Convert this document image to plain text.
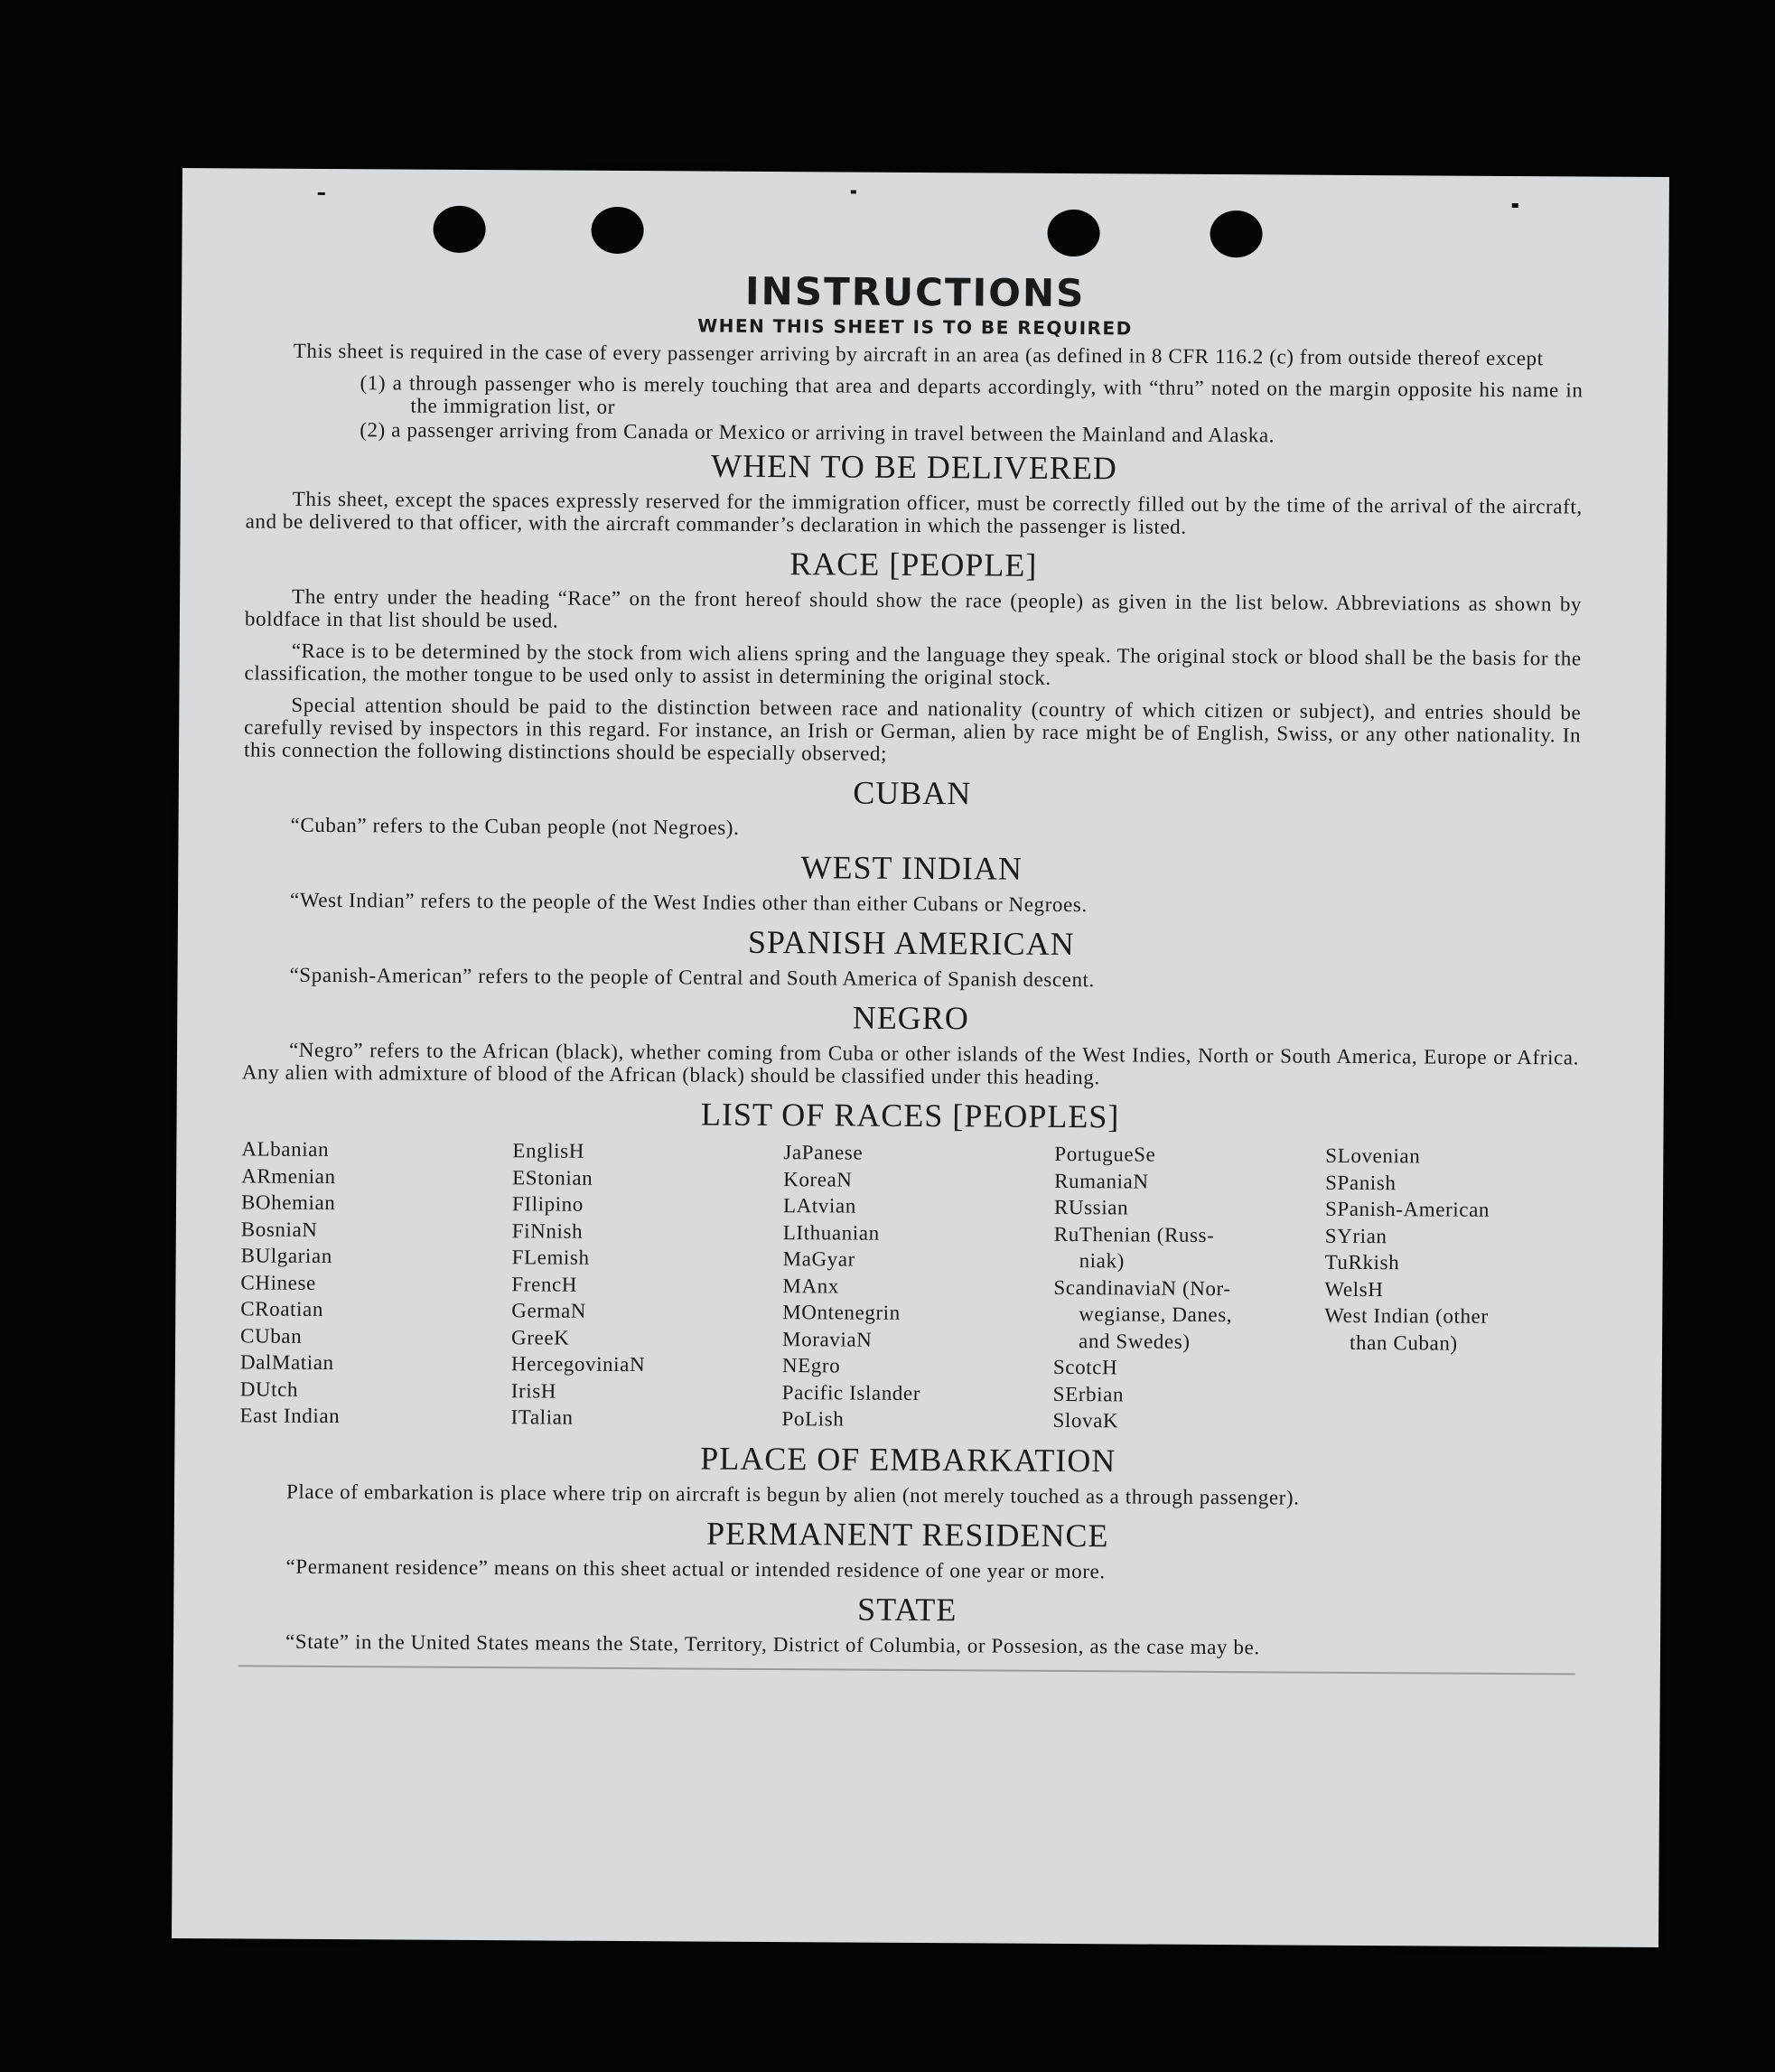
INSTRUCTIONS
WHEN THIS SHEET IS TO BE REQUIRED

This sheet is required in the case of every passenger arriving by aircraft in an area (as defined in 8 CFR 116.2 (c) from outside thereof except

(1) a through passenger who is merely touching that area and departs accordingly, with “thru” noted on the margin opposite his name in the immigration list, or
(2) a passenger arriving from Canada or Mexico or arriving in travel between the Mainland and Alaska.
WHEN TO BE DELIVERED

This sheet, except the spaces expressly reserved for the immigration officer, must be correctly filled out by the time of the arrival of the aircraft, and be delivered to that officer, with the aircraft commander’s declaration in which the passenger is listed.

RACE [PEOPLE]

The entry under the heading “Race” on the front hereof should show the race (people) as given in the list below. Abbreviations as shown by boldface in that list should be used.

“Race is to be determined by the stock from wich aliens spring and the language they speak. The original stock or blood shall be the basis for the classification, the mother tongue to be used only to assist in determining the original stock.

Special attention should be paid to the distinction between race and nationality (country of which citizen or subject), and entries should be carefully revised by inspectors in this regard. For instance, an Irish or German, alien by race might be of English, Swiss, or any other nationality. In this connection the following distinctions should be especially observed;

CUBAN

“Cuban” refers to the Cuban people (not Negroes).

WEST INDIAN

“West Indian” refers to the people of the West Indies other than either Cubans or Negroes.

SPANISH AMERICAN

“Spanish-American” refers to the people of Central and South America of Spanish descent.

NEGRO

“Negro” refers to the African (black), whether coming from Cuba or other islands of the West Indies, North or South America, Europe or Africa. Any alien with admixture of blood of the African (black) should be classified under this heading.

LIST OF RACES [PEOPLES]
ALbanian
ARmenian
BOhemian
BosniaN
BUlgarian
CHinese
CRoatian
CUban
DalMatian
DUtch
East Indian
EnglisH
EStonian
FIlipino
FiNnish
FLemish
FrencH
GermaN
GreeK
HercegoviniaN
IrisH
ITalian
JaPanese
KoreaN
LAtvian
LIthuanian
MaGyar
MAnx
MOntenegrin
MoraviaN
NEgro
Pacific Islander
PoLish
PortugueSe
RumaniaN
RUssian
RuThenian (Russ-
niak)
ScandinaviaN (Nor-
wegianse, Danes,
and Swedes)
ScotcH
SErbian
SlovaK
SLovenian
SPanish
SPanish-American
SYrian
TuRkish
WelsH
West Indian (other
than Cuban)
PLACE OF EMBARKATION

Place of embarkation is place where trip on aircraft is begun by alien (not merely touched as a through passenger).

PERMANENT RESIDENCE

“Permanent residence” means on this sheet actual or intended residence of one year or more.

STATE

“State” in the United States means the State, Territory, District of Columbia, or Possesion, as the case may be.
